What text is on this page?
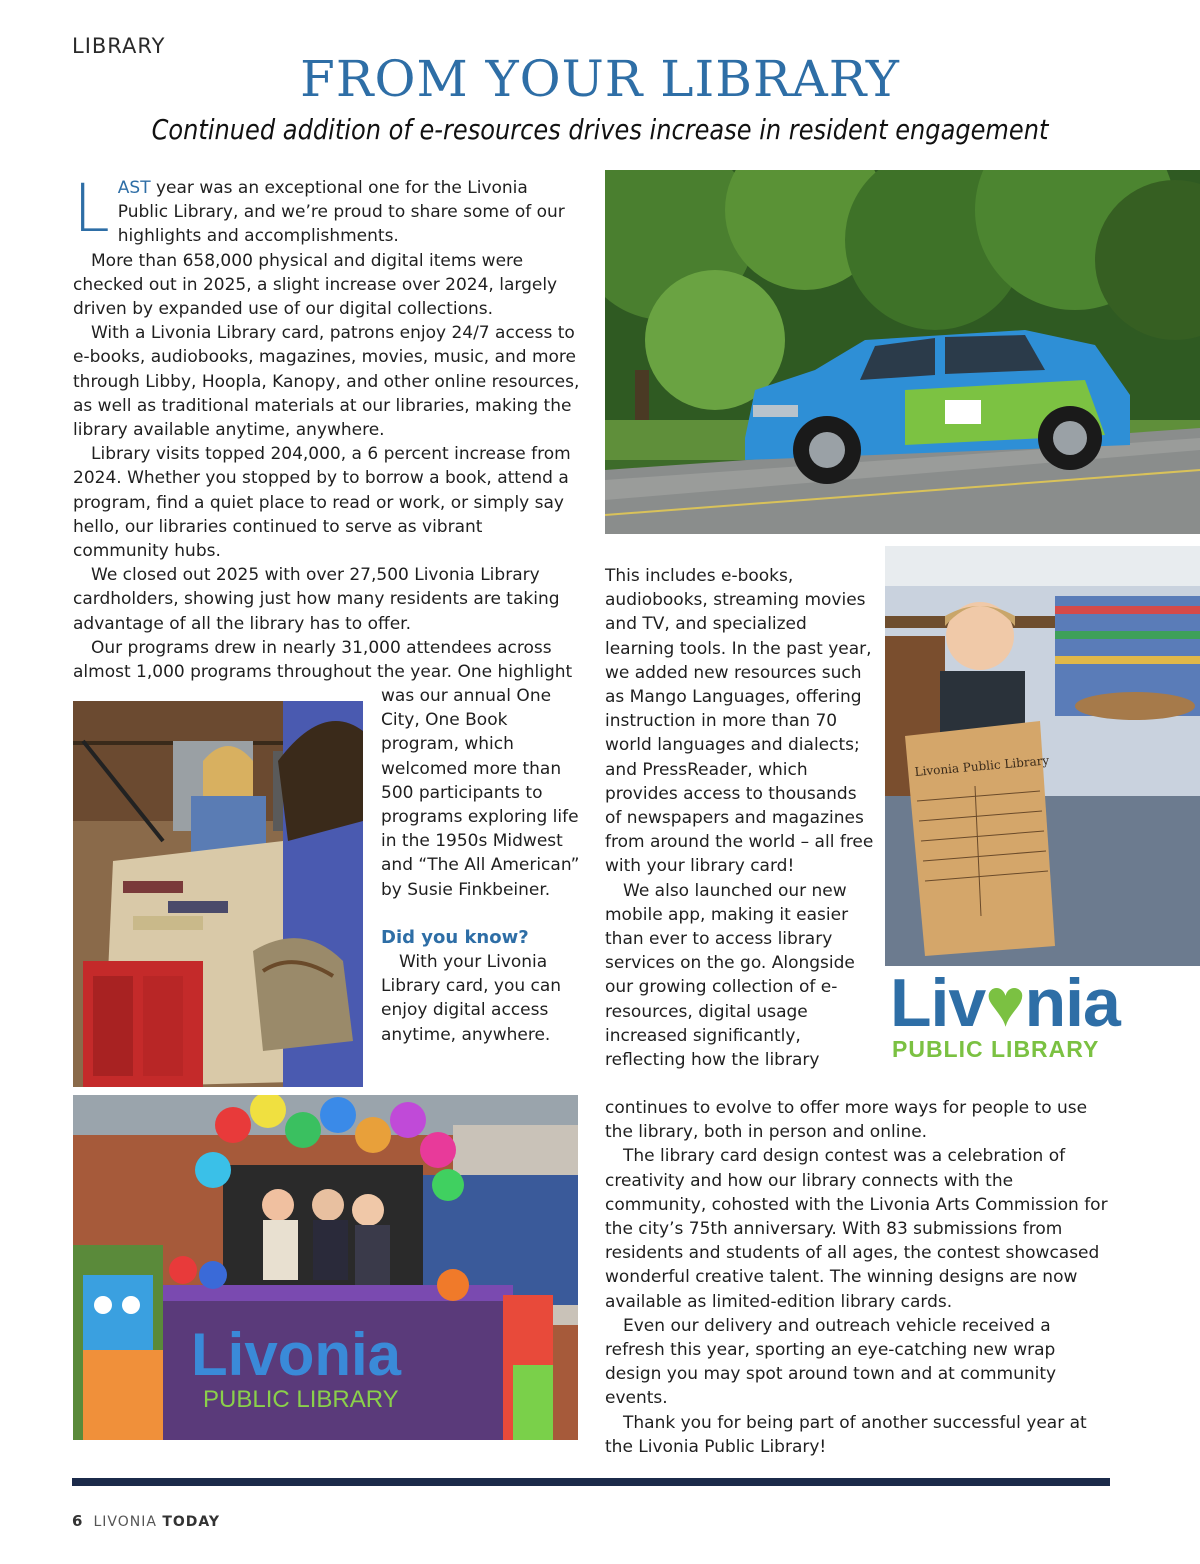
LIBRARY
FROM YOUR LIBRARY
Continued addition of e-resources drives increase in resident engagement

LAST year was an exceptional one for the Livonia Public Library, and we’re proud to share some of our highlights and accomplishments.

More than 658,000 physical and digital items were checked out in 2025, a slight increase over 2024, largely driven by expanded use of our digital collections.

With a Livonia Library card, patrons enjoy 24/7 access to e-books, audiobooks, magazines, movies, music, and more through Libby, Hoopla, Kanopy, and other online resources, as well as traditional materials at our libraries, making the library available anytime, anywhere.

Library visits topped 204,000, a 6 percent increase from 2024. Whether you stopped by to borrow a book, attend a program, find a quiet place to read or work, or simply say hello, our libraries continued to serve as vibrant community hubs.

We closed out 2025 with over 27,500 Livonia Library cardholders, showing just how many residents are taking advantage of all the library has to offer.

Our programs drew in nearly 31,000 attendees across almost 1,000 programs throughout the year. One highlight

was our annual One City, One Book program, which welcomed more than 500 participants to programs exploring life in the 1950s Midwest and “The All American” by Susie Finkbeiner.

Did you know?

With your Livonia Library card, you can enjoy digital access anytime, anywhere.

This includes e-books, audiobooks, streaming movies and TV, and specialized learning tools. In the past year, we added new resources such as Mango Languages, offering instruction in more than 70 world languages and dialects; and PressReader, which provides access to thousands of newspapers and magazines from around the world – all free with your library card!

We also launched our new mobile app, making it easier than ever to access library services on the go. Alongside our growing collection of e-resources, digital usage increased significantly, reflecting how the library

continues to evolve to offer more ways for people to use the library, both in person and online.

The library card design contest was a celebration of creativity and how our library connects with the community, cohosted with the Livonia Arts Commission for the city’s 75th anniversary. With 83 submissions from residents and students of all ages, the contest showcased wonderful creative talent. The winning designs are now available as limited-edition library cards.

Even our delivery and outreach vehicle received a refresh this year, sporting an eye-catching new wrap design you may spot around town and at community events.

Thank you for being part of another successful year at the Livonia Public Library!

Livonia Public Library
Liv♥nia
PUBLIC LIBRARY
Livonia
PUBLIC LIBRARY
6 LIVONIA TODAY
